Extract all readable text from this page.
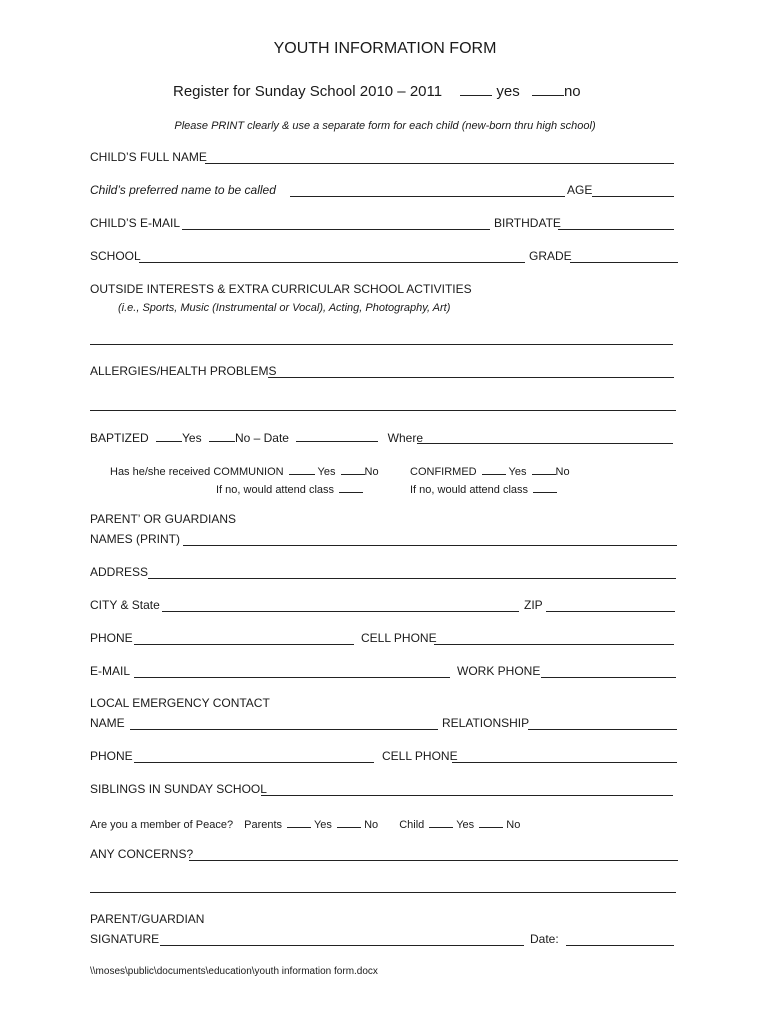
YOUTH INFORMATION FORM
Register for Sunday School 2010 – 2011	yes	no
Please PRINT clearly & use a separate form for each child (new-born thru high school)
CHILD’S FULL NAME
Child’s preferred name to be called	AGE
CHILD’S E-MAIL	BIRTHDATE
SCHOOL	GRADE
OUTSIDE INTERESTS & EXTRA CURRICULAR SCHOOL ACTIVITIES
(i.e., Sports, Music (Instrumental or Vocal), Acting, Photography, Art)
ALLERGIES/HEALTH PROBLEMS
BAPTIZED	Yes	No – Date	Where
Has he/she received COMMUNION	Yes	No
If no, would attend class
CONFIRMED	Yes	No
If no, would attend class
PARENT’ OR GUARDIANS
NAMES (PRINT)
ADDRESS
CITY & State	ZIP
PHONE	CELL PHONE
E-MAIL	WORK PHONE
LOCAL EMERGENCY CONTACT
NAME	RELATIONSHIP
PHONE	CELL PHONE
SIBLINGS IN SUNDAY SCHOOL
Are you a member of Peace? Parents	Yes	No Child	Yes	No
ANY CONCERNS?
PARENT/GUARDIAN
SIGNATURE	Date:
\\moses\public\documents\education\youth information form.docx
